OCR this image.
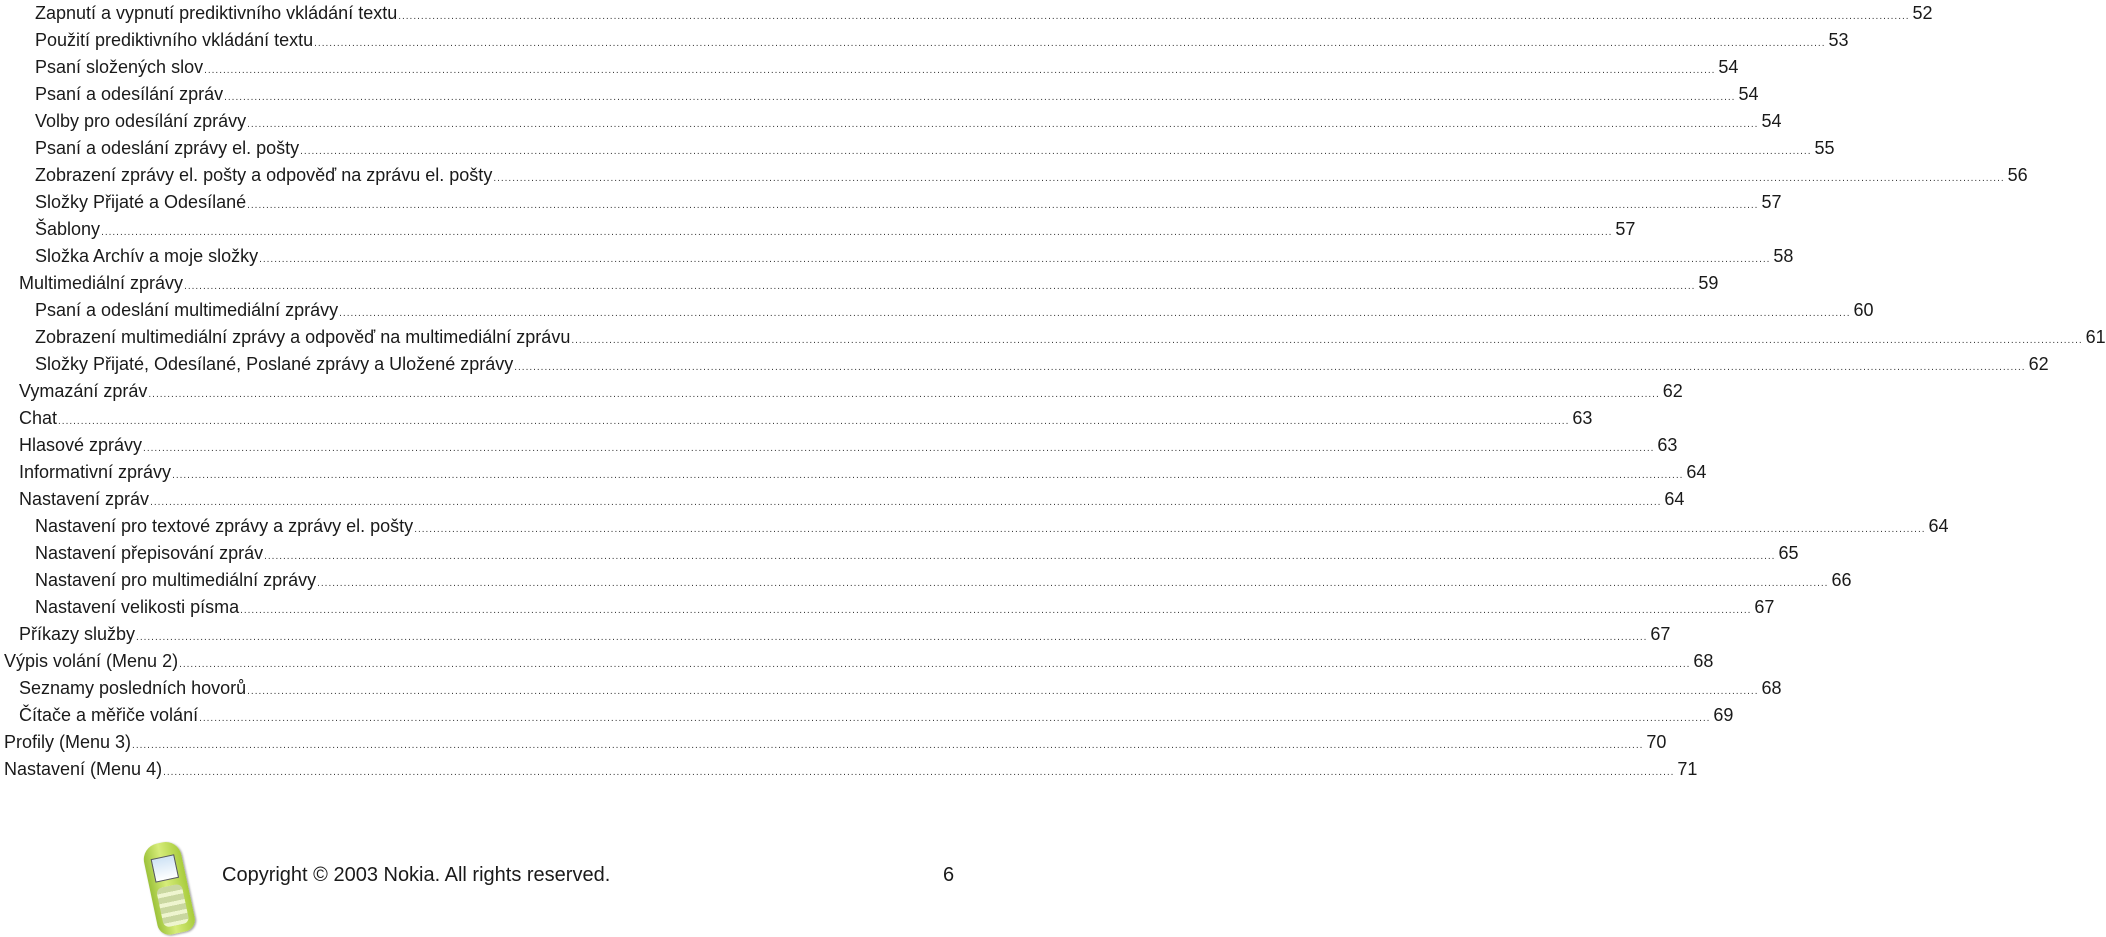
Zapnutí a vypnutí prediktivního vkládání textu ................................................................................................................................................................................................................................................................................................................................................................................................................ 52
Použití prediktivního vkládání textu ................................................................................................................................................................................................................................................................................................................................................................................................................ 53
Psaní složených slov ................................................................................................................................................................................................................................................................................................................................................................................................................ 54
Psaní a odesílání zpráv ................................................................................................................................................................................................................................................................................................................................................................................................................ 54
Volby pro odesílání zprávy ................................................................................................................................................................................................................................................................................................................................................................................................................ 54
Psaní a odeslání zprávy el. pošty ................................................................................................................................................................................................................................................................................................................................................................................................................ 55
Zobrazení zprávy el. pošty a odpověď na zprávu el. pošty ................................................................................................................................................................................................................................................................................................................................................................................................................ 56
Složky Přijaté a Odesílané ................................................................................................................................................................................................................................................................................................................................................................................................................ 57
Šablony ................................................................................................................................................................................................................................................................................................................................................................................................................ 57
Složka Archív a moje složky ................................................................................................................................................................................................................................................................................................................................................................................................................ 58
Multimediální zprávy ................................................................................................................................................................................................................................................................................................................................................................................................................ 59
Psaní a odeslání multimediální zprávy ................................................................................................................................................................................................................................................................................................................................................................................................................ 60
Zobrazení multimediální zprávy a odpověď na multimediální zprávu ................................................................................................................................................................................................................................................................................................................................................................................................................ 61
Složky Přijaté, Odesílané, Poslané zprávy a Uložené zprávy ................................................................................................................................................................................................................................................................................................................................................................................................................ 62
Vymazání zpráv ................................................................................................................................................................................................................................................................................................................................................................................................................ 62
Chat ................................................................................................................................................................................................................................................................................................................................................................................................................ 63
Hlasové zprávy ................................................................................................................................................................................................................................................................................................................................................................................................................ 63
Informativní zprávy ................................................................................................................................................................................................................................................................................................................................................................................................................ 64
Nastavení zpráv ................................................................................................................................................................................................................................................................................................................................................................................................................ 64
Nastavení pro textové zprávy a zprávy el. pošty ................................................................................................................................................................................................................................................................................................................................................................................................................ 64
Nastavení přepisování zpráv ................................................................................................................................................................................................................................................................................................................................................................................................................ 65
Nastavení pro multimediální zprávy ................................................................................................................................................................................................................................................................................................................................................................................................................ 66
Nastavení velikosti písma ................................................................................................................................................................................................................................................................................................................................................................................................................ 67
Příkazy služby ................................................................................................................................................................................................................................................................................................................................................................................................................ 67
Výpis volání (Menu 2) ................................................................................................................................................................................................................................................................................................................................................................................................................ 68
Seznamy posledních hovorů ................................................................................................................................................................................................................................................................................................................................................................................................................ 68
Čítače a měřiče volání ................................................................................................................................................................................................................................................................................................................................................................................................................ 69
Profily (Menu 3) ................................................................................................................................................................................................................................................................................................................................................................................................................ 70
Nastavení (Menu 4) ................................................................................................................................................................................................................................................................................................................................................................................................................ 71
Copyright © 2003 Nokia. All rights reserved.	6
